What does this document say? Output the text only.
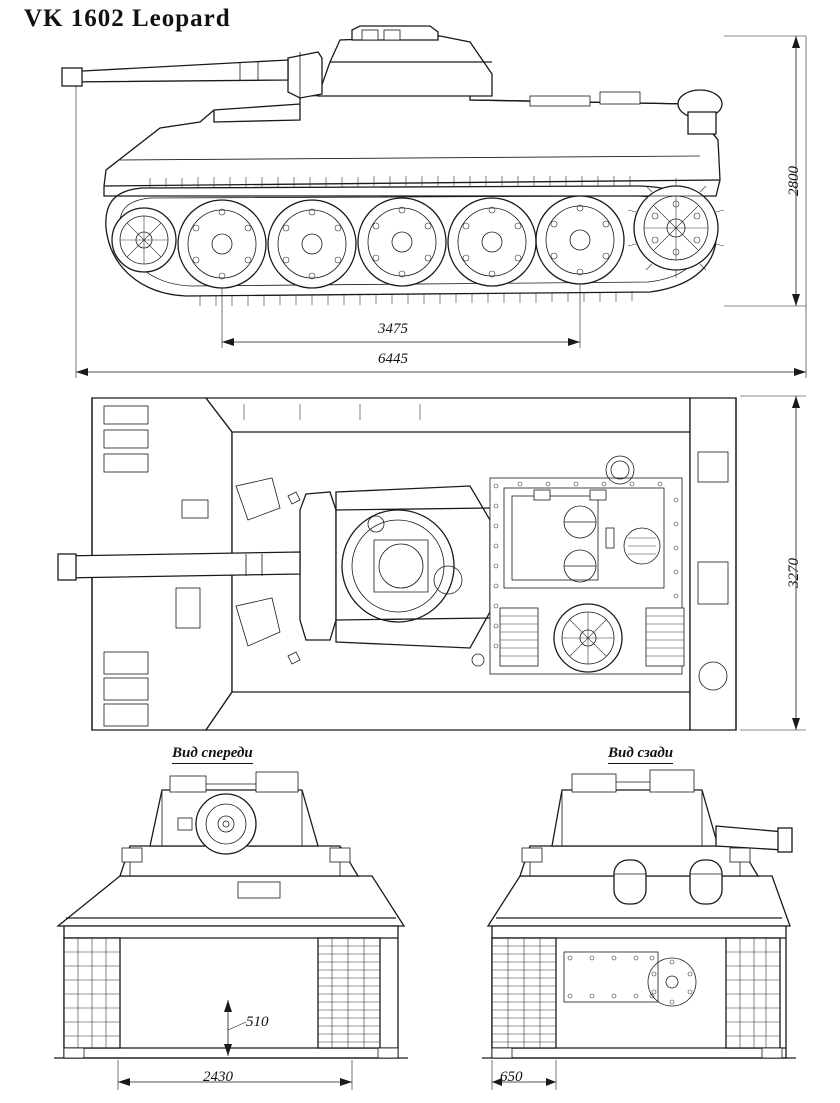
VK 1602 Leopard
2800
3475
6445
3270
510
2430	650
Вид спереди	Вид сзади
